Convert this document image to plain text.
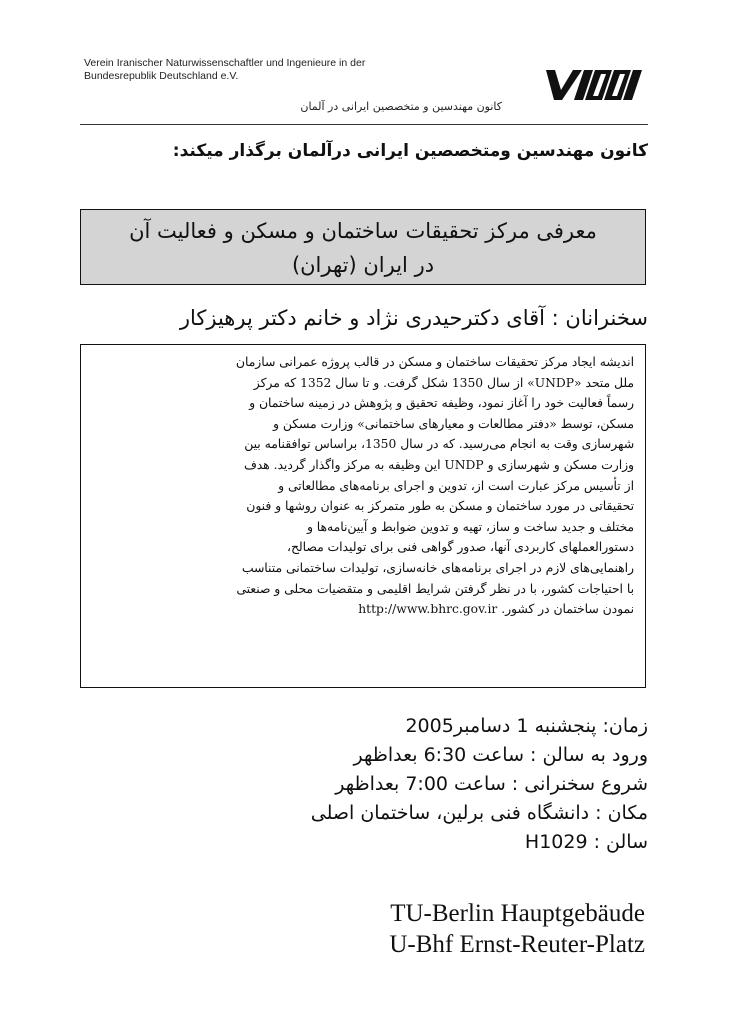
Verein Iranischer Naturwissenschaftler und Ingenieure in der
Bundesrepublik Deutschland e.V.
کانون مهندسین و متخصصین ایرانی در آلمان
کانون مهندسین ومتخصصین ایرانی درآلمان برگذار میکند:
معرفی مرکز تحقیقات ساختمان و مسکن و فعالیت آن
در ایران (تهران)
سخنرانان : آقای دکترحیدری نژاد و خانم دکتر پرهیزکار
اندیشه ایجاد مرکز تحقیقات ساختمان و مسکن در قالب پروژه عمرانی سازمان
ملل متحد «UNDP» از سال 1350 شکل گرفت. و تا سال 1352 که مرکز
رسماً فعالیت خود را آغاز نمود، وظیفه تحقیق و پژوهش در زمینه ساختمان و
مسکن، توسط «دفتر مطالعات و معیارهای ساختمانی» وزارت مسکن و
شهرسازی وقت به انجام می‌رسید. که در سال 1350، براساس توافقنامه بین
وزارت مسکن و شهرسازی و UNDP این وظیفه به مرکز واگذار گردید. هدف
از تأسیس مرکز عبارت است از، تدوین و اجرای برنامه‌های مطالعاتی و
تحقیقاتی در مورد ساختمان و مسکن به طور متمرکز به عنوان روشها و فنون
مختلف و جدید ساخت و ساز، تهیه و تدوین ضوابط و آیین‌نامه‌ها و
دستورالعملهای کاربردی آنها، صدور گواهی فنی برای تولیدات مصالح،
راهنمایی‌های لازم در اجرای برنامه‌های خانه‌سازی، تولیدات ساختمانی متناسب
با احتیاجات کشور، با در نظر گرفتن شرایط اقلیمی و متقضیات محلی و صنعتی
نمودن ساختمان در کشور. http://www.bhrc.gov.ir
زمان: پنجشنبه 1 دسامبر2005
ورود به سالن : ساعت 6:30 بعداظهر
شروع سخنرانی : ساعت 7:00 بعداظهر
مکان : دانشگاه فنی برلین، ساختمان اصلی
سالن : H1029
TU-Berlin Hauptgebäude
U-Bhf Ernst-Reuter-Platz
